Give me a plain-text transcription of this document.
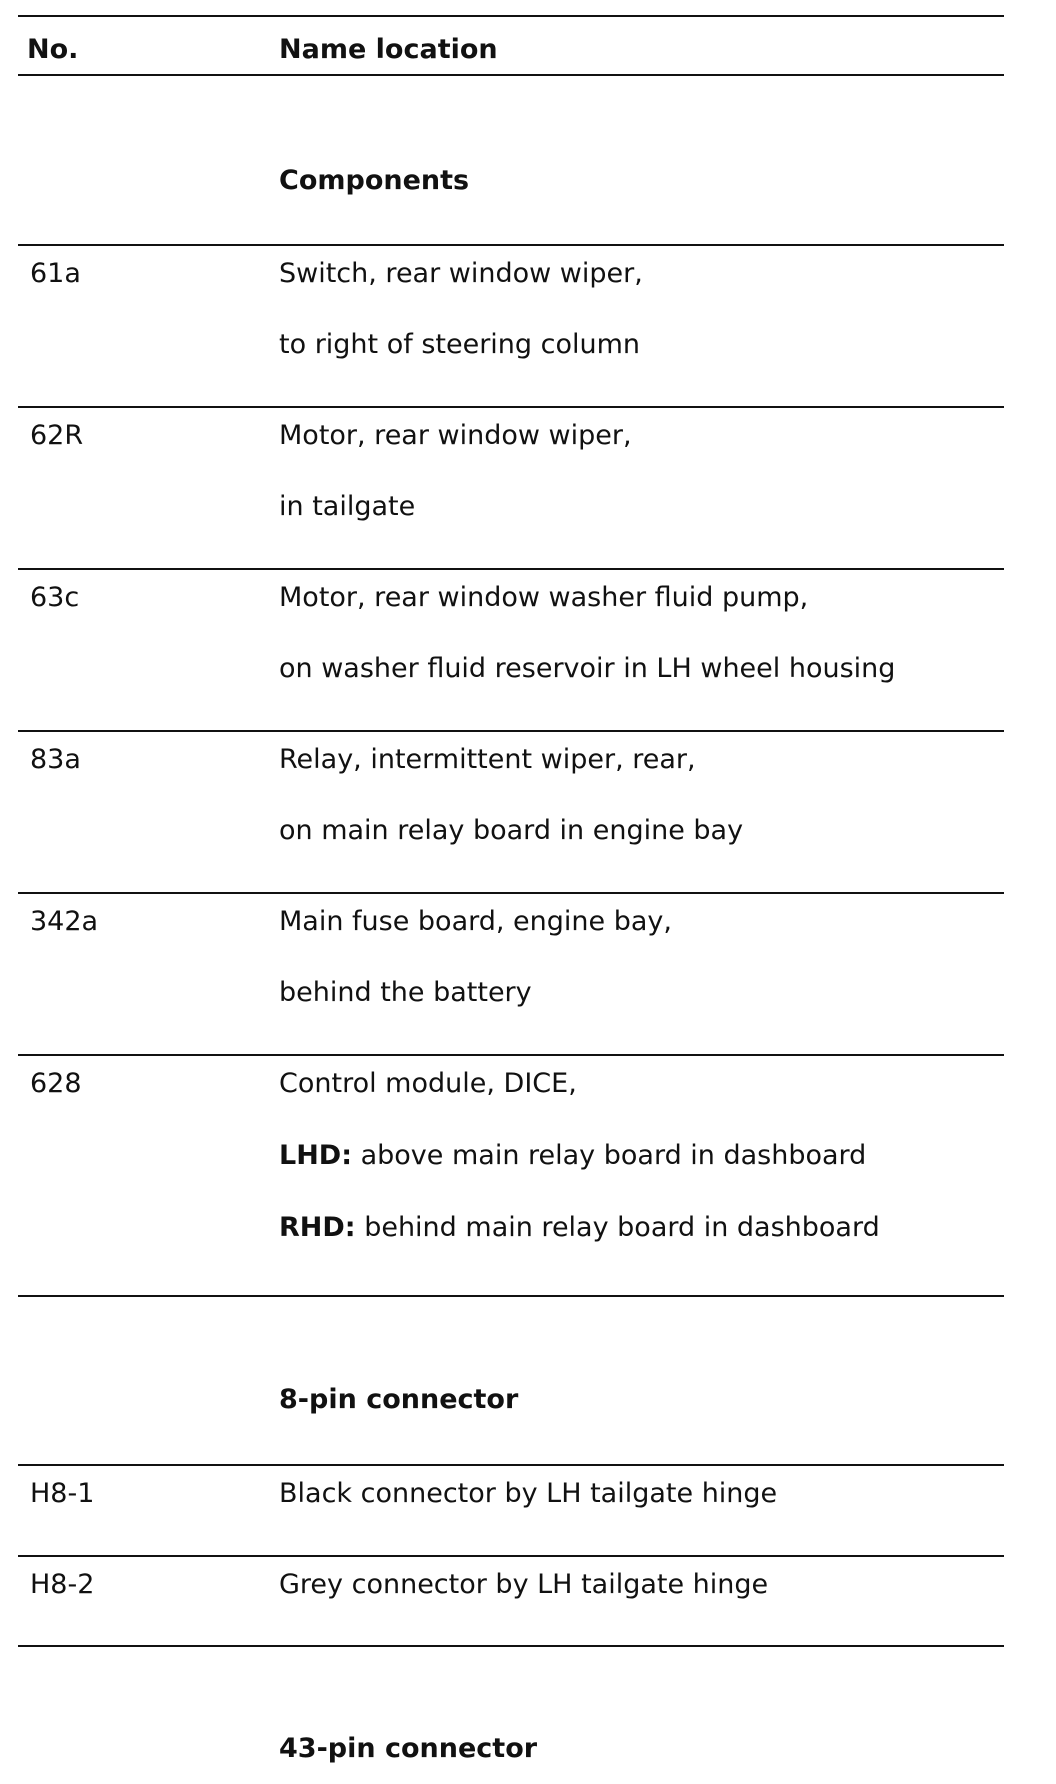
No.	Name location
Components
61a	Switch, rear window wiper,
to right of steering column
62R	Motor, rear window wiper,
in tailgate
63c	Motor, rear window washer fluid pump,
on washer fluid reservoir in LH wheel housing
83a	Relay, intermittent wiper, rear,
on main relay board in engine bay
342a	Main fuse board, engine bay,
behind the battery
628	Control module, DICE,
LHD: above main relay board in dashboard
RHD: behind main relay board in dashboard
8-pin connector
H8-1	Black connector by LH tailgate hinge
H8-2	Grey connector by LH tailgate hinge
43-pin connector
